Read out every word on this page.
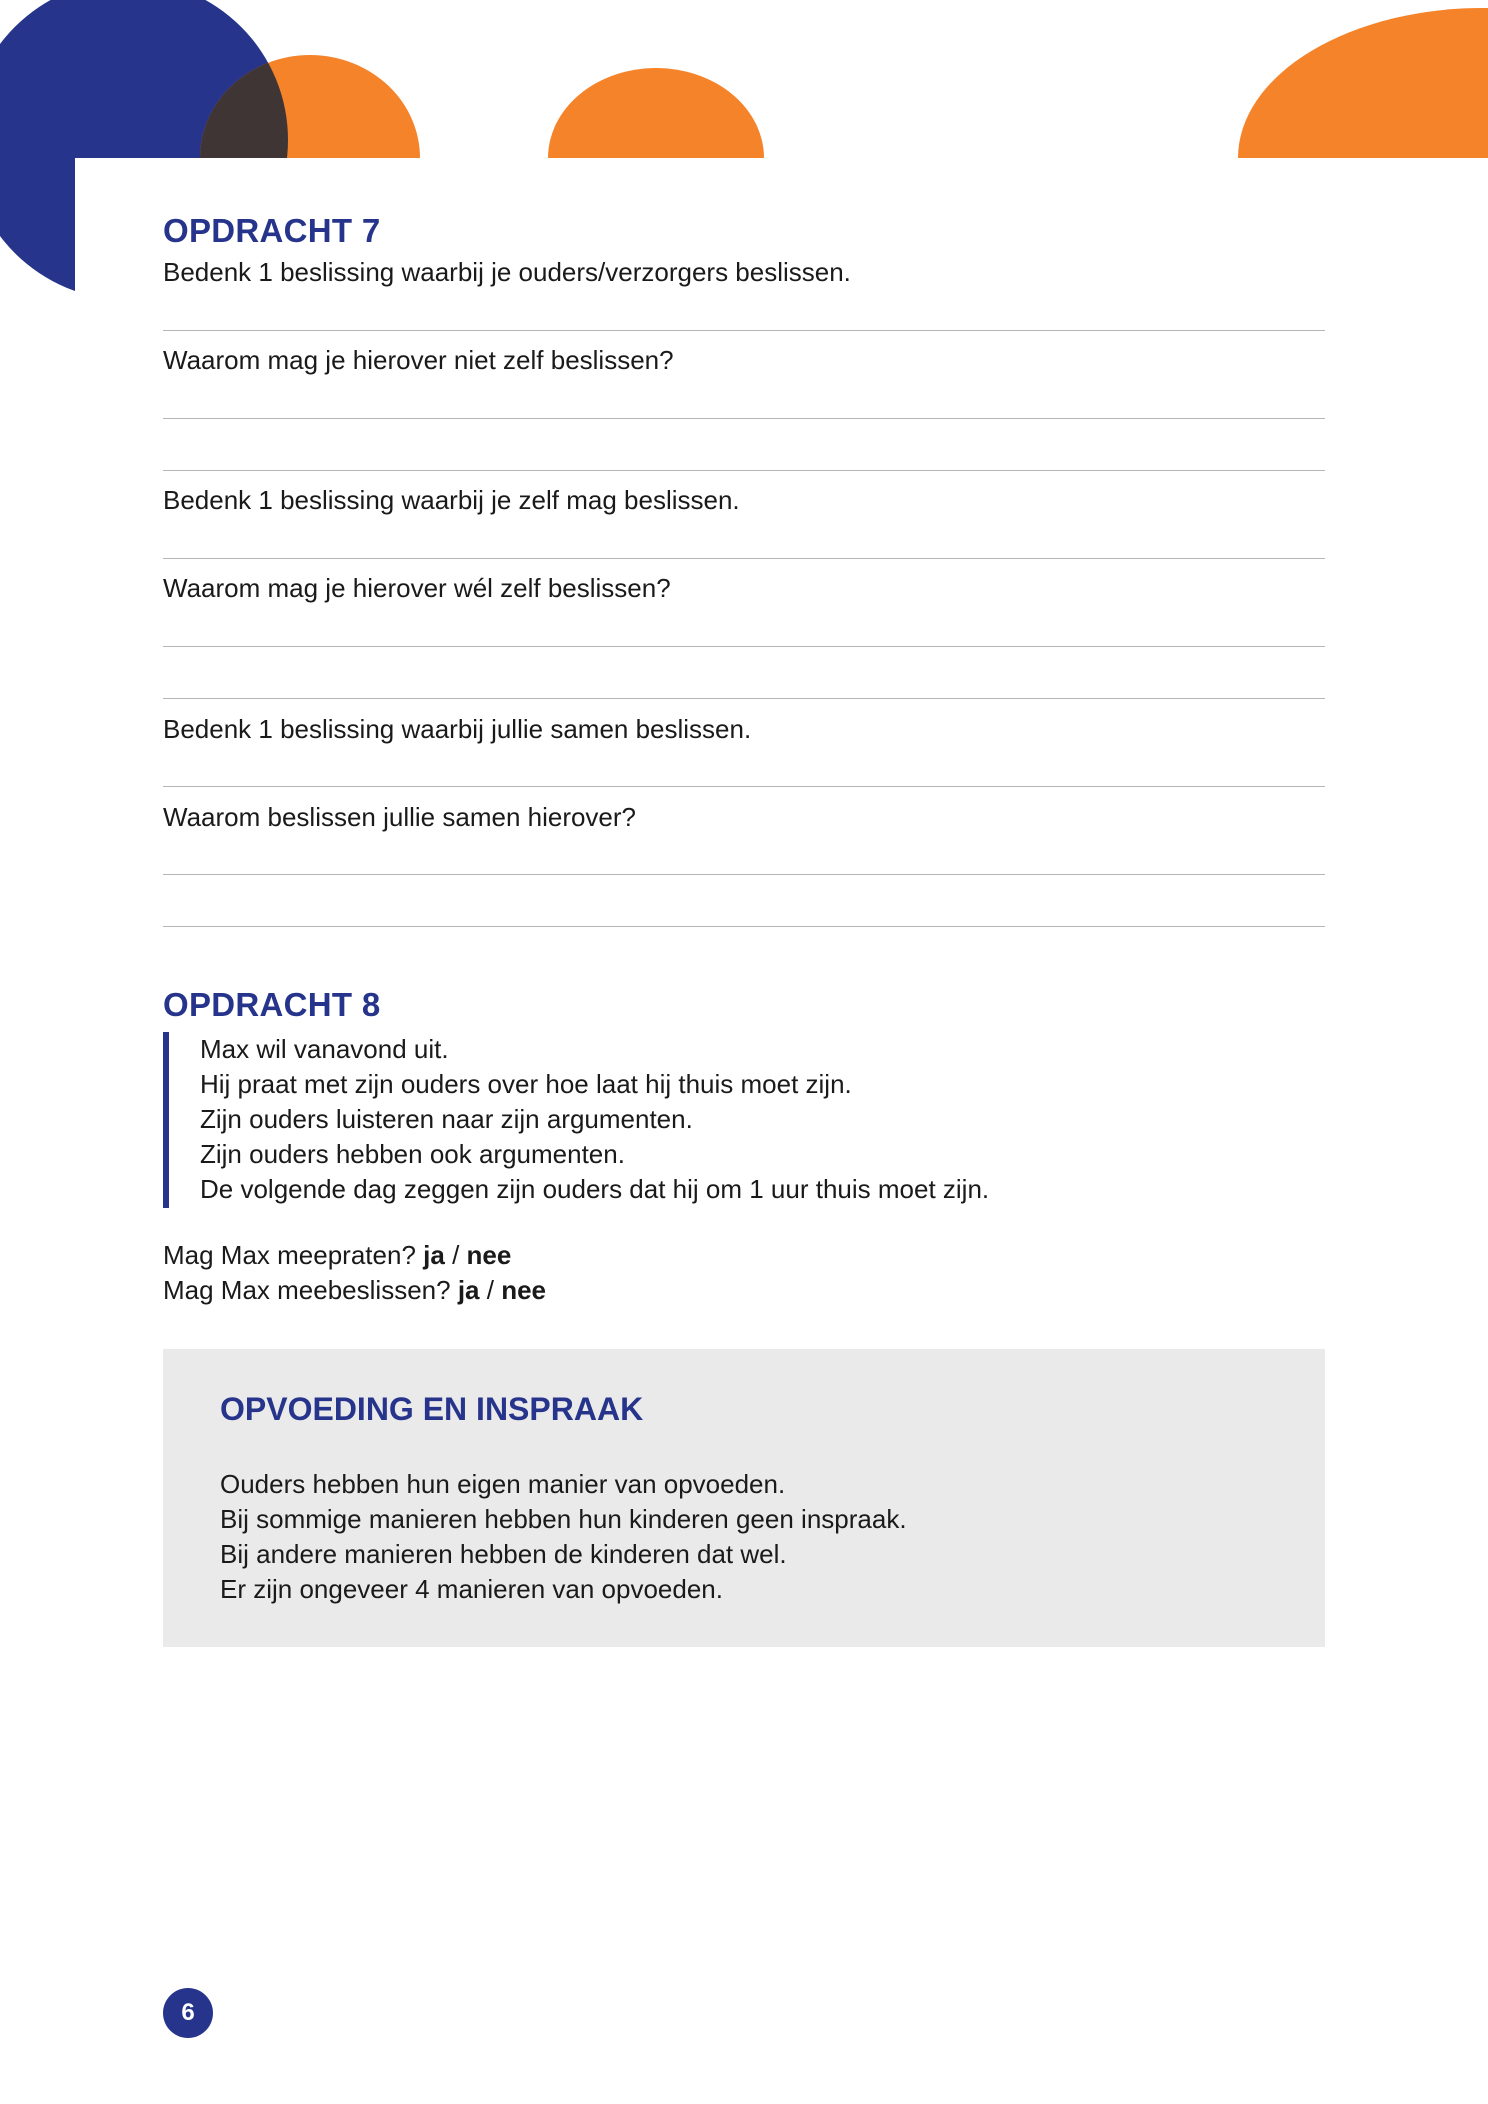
OPDRACHT 7
Bedenk 1 beslissing waarbij je ouders/verzorgers beslissen.
Waarom mag je hierover niet zelf beslissen?
Bedenk 1 beslissing waarbij je zelf mag beslissen.
Waarom mag je hierover wél zelf beslissen?
Bedenk 1 beslissing waarbij jullie samen beslissen.
Waarom beslissen jullie samen hierover?
OPDRACHT 8
Max wil vanavond uit.
Hij praat met zijn ouders over hoe laat hij thuis moet zijn.
Zijn ouders luisteren naar zijn argumenten.
Zijn ouders hebben ook argumenten.
De volgende dag zeggen zijn ouders dat hij om 1 uur thuis moet zijn.
Mag Max meepraten? ja / nee
Mag Max meebeslissen? ja / nee
OPVOEDING EN INSPRAAK
Ouders hebben hun eigen manier van opvoeden.
Bij sommige manieren hebben hun kinderen geen inspraak.
Bij andere manieren hebben de kinderen dat wel.
Er zijn ongeveer 4 manieren van opvoeden.
6
